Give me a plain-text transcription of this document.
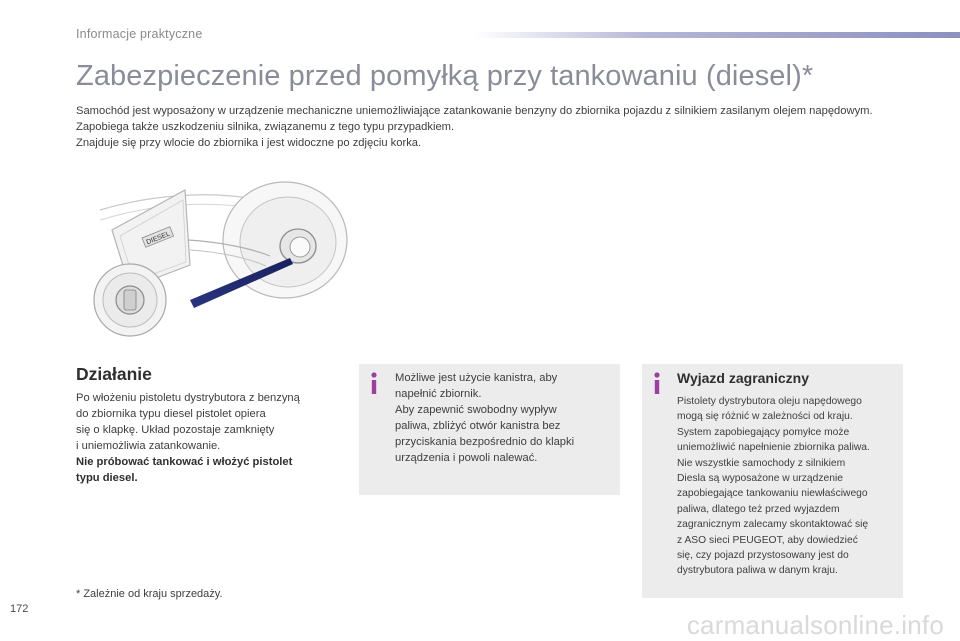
Informacje praktyczne
Zabezpieczenie przed pomyłką przy tankowaniu (diesel)*

Samochód jest wyposażony w urządzenie mechaniczne uniemożliwiające zatankowanie benzyny do zbiornika pojazdu z silnikiem zasilanym olejem napędowym. Zapobiega także uszkodzeniu silnika, związanemu z tego typu przypadkiem.

Znajduje się przy wlocie do zbiornika i jest widoczne po zdjęciu korka.

DIESEL
Działanie

Po włożeniu pistoletu dystrybutora z benzyną

do zbiornika typu diesel pistolet opiera

się o klapkę. Układ pozostaje zamknięty

i uniemożliwia zatankowanie.

Nie próbować tankować i włożyć pistolet

typu diesel.

Możliwe jest użycie kanistra, aby

napełnić zbiornik.

Aby zapewnić swobodny wypływ

paliwa, zbliżyć otwór kanistra bez

przyciskania bezpośrednio do klapki

urządzenia i powoli nalewać.

Wyjazd zagraniczny

Pistolety dystrybutora oleju napędowego

mogą się różnić w zależności od kraju.

System zapobiegający pomyłce może

uniemożliwić napełnienie zbiornika paliwa.

Nie wszystkie samochody z silnikiem

Diesla są wyposażone w urządzenie

zapobiegające tankowaniu niewłaściwego

paliwa, dlatego też przed wyjazdem

zagranicznym zalecamy skontaktować się

z ASO sieci PEUGEOT, aby dowiedzieć

się, czy pojazd przystosowany jest do

dystrybutora paliwa w danym kraju.

* Zależnie od kraju sprzedaży.
172
carmanualsonline.info
